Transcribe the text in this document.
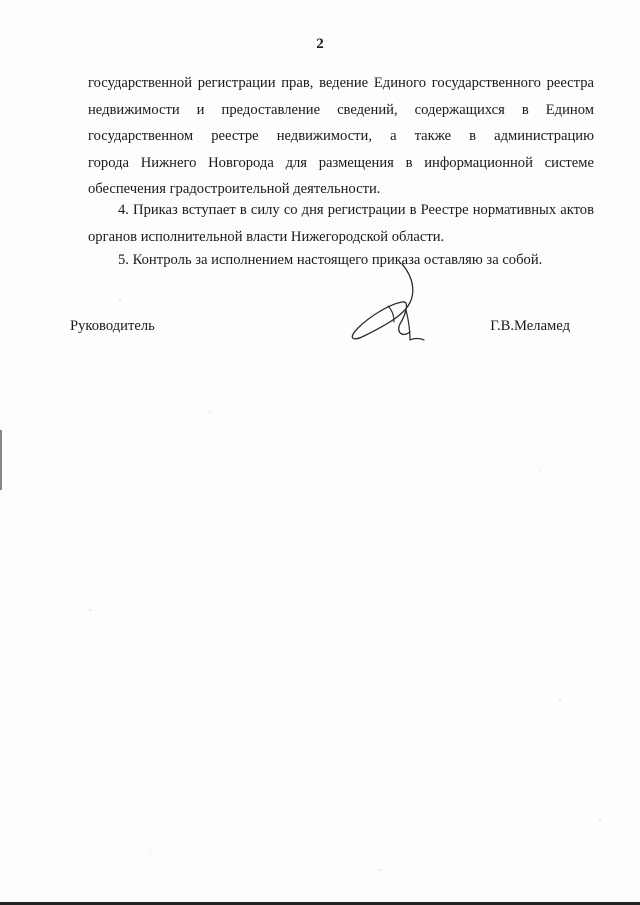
2
государственной регистрации прав, ведение Единого государственного реестра
недвижимости и предоставление сведений, содержащихся в Едином
государственном реестре недвижимости, а также в администрацию
города Нижнего Новгорода для размещения в информационной системе
обеспечения градостроительной деятельности.
4. Приказ вступает в силу со дня регистрации в Реестре нормативных актов органов исполнительной власти Нижегородской области.
5. Контроль за исполнением настоящего приказа оставляю за собой.
Руководитель	Г.В.Меламед
